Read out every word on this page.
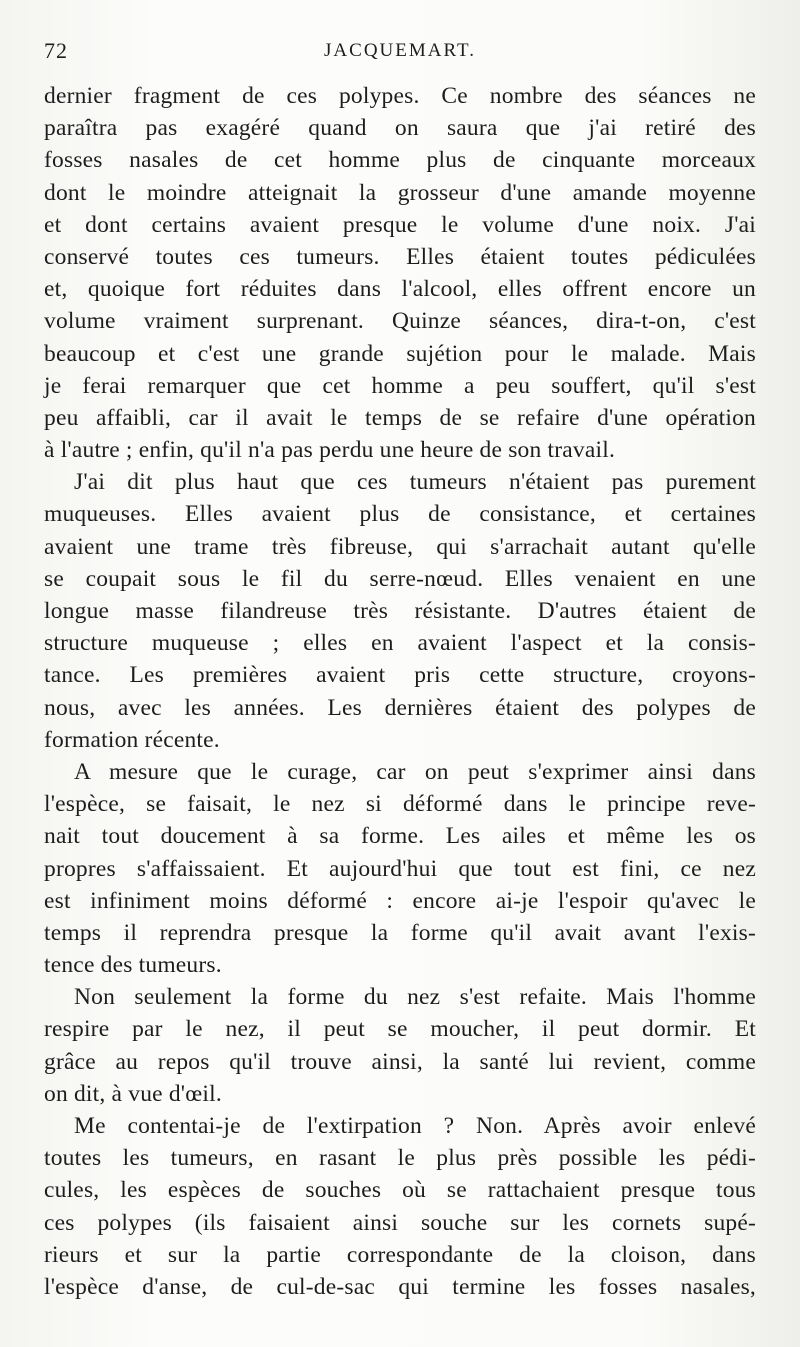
72	JACQUEMART.
dernier fragment de ces polypes. Ce nombre des séances ne
paraîtra pas exagéré quand on saura que j'ai retiré des
fosses nasales de cet homme plus de cinquante morceaux
dont le moindre atteignait la grosseur d'une amande moyenne
et dont certains avaient presque le volume d'une noix. J'ai
conservé toutes ces tumeurs. Elles étaient toutes pédiculées
et, quoique fort réduites dans l'alcool, elles offrent encore un
volume vraiment surprenant. Quinze séances, dira-t-on, c'est
beaucoup et c'est une grande sujétion pour le malade. Mais
je ferai remarquer que cet homme a peu souffert, qu'il s'est
peu affaibli, car il avait le temps de se refaire d'une opération
à l'autre ; enfin, qu'il n'a pas perdu une heure de son travail.
J'ai dit plus haut que ces tumeurs n'étaient pas purement
muqueuses. Elles avaient plus de consistance, et certaines
avaient une trame très fibreuse, qui s'arrachait autant qu'elle
se coupait sous le fil du serre-nœud. Elles venaient en une
longue masse filandreuse très résistante. D'autres étaient de
structure muqueuse ; elles en avaient l'aspect et la consis-
tance. Les premières avaient pris cette structure, croyons-
nous, avec les années. Les dernières étaient des polypes de
formation récente.
A mesure que le curage, car on peut s'exprimer ainsi dans
l'espèce, se faisait, le nez si déformé dans le principe reve-
nait tout doucement à sa forme. Les ailes et même les os
propres s'affaissaient. Et aujourd'hui que tout est fini, ce nez
est infiniment moins déformé : encore ai-je l'espoir qu'avec le
temps il reprendra presque la forme qu'il avait avant l'exis-
tence des tumeurs.
Non seulement la forme du nez s'est refaite. Mais l'homme
respire par le nez, il peut se moucher, il peut dormir. Et
grâce au repos qu'il trouve ainsi, la santé lui revient, comme
on dit, à vue d'œil.
Me contentai-je de l'extirpation ? Non. Après avoir enlevé
toutes les tumeurs, en rasant le plus près possible les pédi-
cules, les espèces de souches où se rattachaient presque tous
ces polypes (ils faisaient ainsi souche sur les cornets supé-
rieurs et sur la partie correspondante de la cloison, dans
l'espèce d'anse, de cul-de-sac qui termine les fosses nasales,
